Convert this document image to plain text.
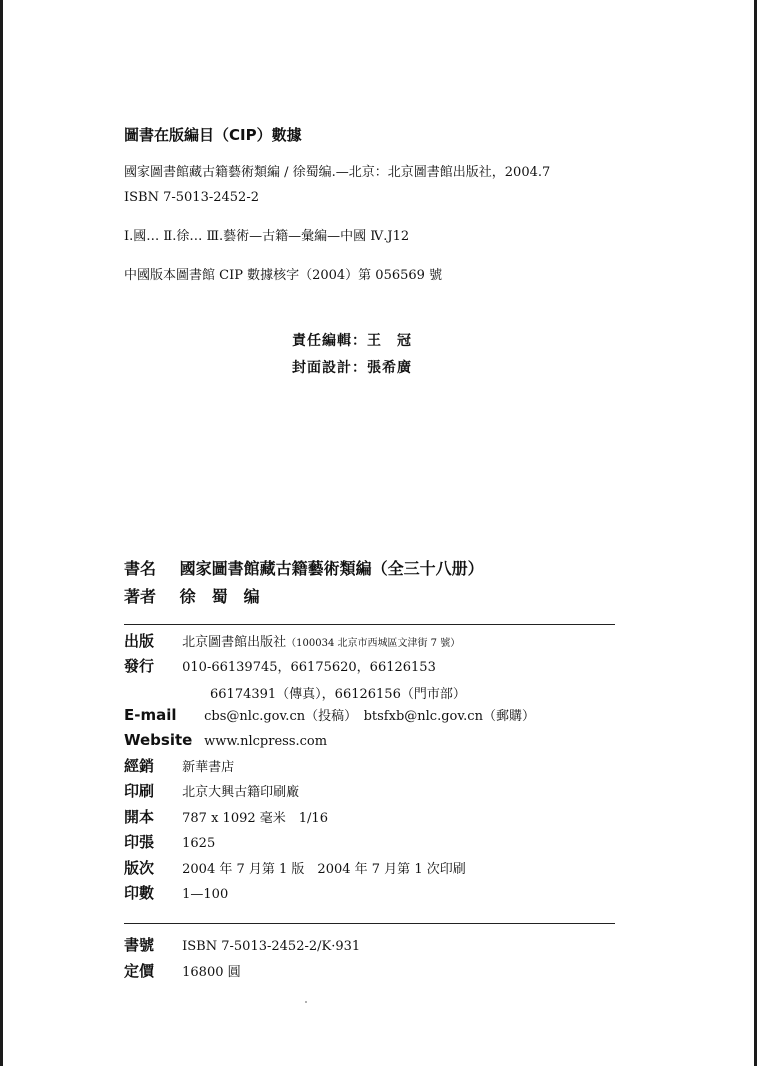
圖書在版編目（CIP）數據
國家圖書館藏古籍藝術類編 / 徐蜀编.—北京：北京圖書館出版社，2004.7
ISBN 7-5013-2452-2
Ⅰ.國… Ⅱ.徐… Ⅲ.藝術—古籍—彙編—中國 Ⅳ.J12
中國版本圖書館 CIP 數據核字（2004）第 056569 號
責任編輯：王　冠
封面設計：張希廣
書名 國家圖書館藏古籍藝術類編（全三十八册）
著者 徐　蜀　编
出版 北京圖書館出版社（100034 北京市西城區文津街 7 號）
發行 010-66139745，66175620，66126153
66174391（傳真），66126156（門市部）
E-mail cbs@nlc.gov.cn（投稿）　btsfxb@nlc.gov.cn（郵購）
Website www.nlcpress.com
經銷 新華書店
印刷 北京大興古籍印刷廠
開本 787 x 1092 毫米　1/16
印張 1625
版次 2004 年 7 月第 1 版　2004 年 7 月第 1 次印刷
印數 1—100
書號 ISBN 7-5013-2452-2/K·931
定價 16800 圓
